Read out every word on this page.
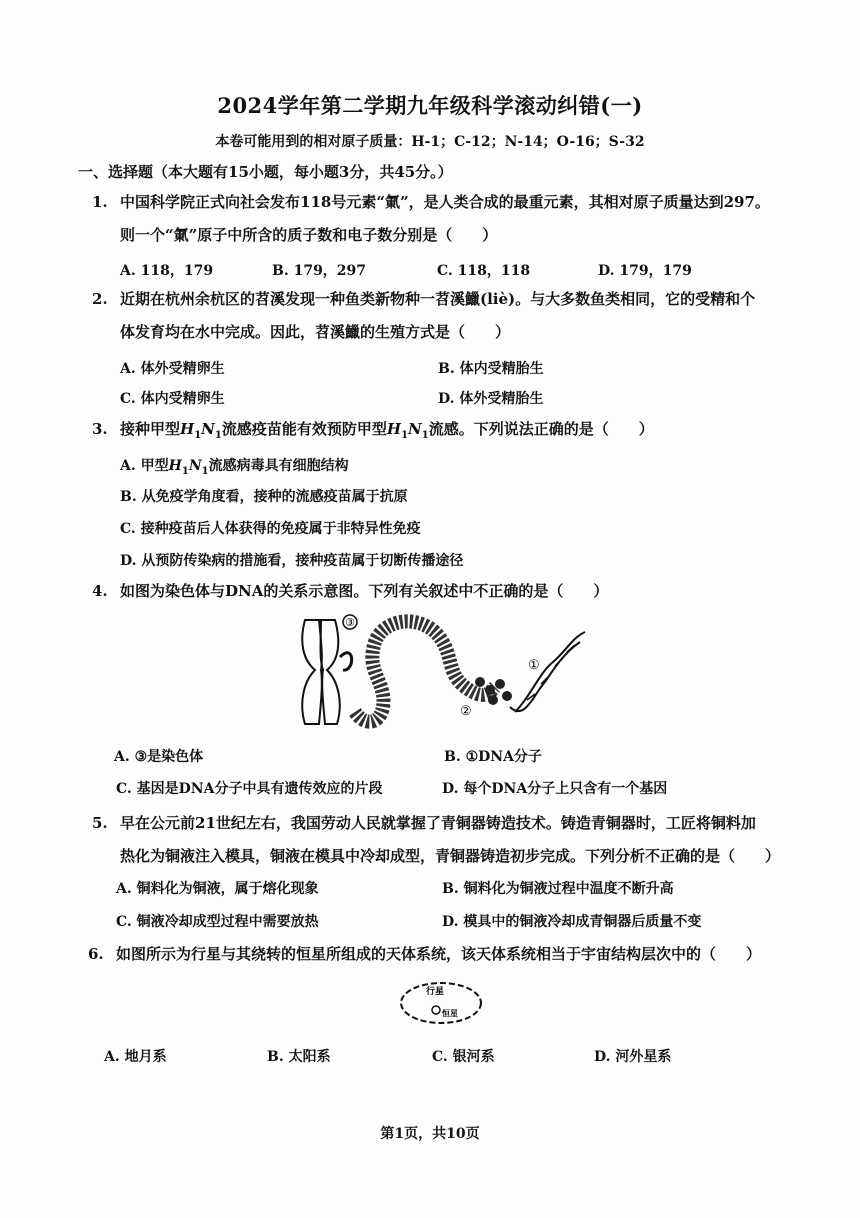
2024学年第二学期九年级科学滚动纠错(一)
本卷可能用到的相对原子质量：H-1；C-12；N-14；O-16；S-32
一、选择题（本大题有15小题，每小题3分，共45分。）
1. 中国科学院正式向社会发布118号元素“氭”，是人类合成的最重元素，其相对原子质量达到297。
则一个“氭”原子中所含的质子数和电子数分别是（　　）
A. 118，179	B. 179，297	C. 118，118	D. 179，179
2. 近期在杭州余杭区的苕溪发现一种鱼类新物种一苕溪鱲(liè)。与大多数鱼类相同，它的受精和个
体发育均在水中完成。因此，苕溪鱲的生殖方式是（　　）
A. 体外受精卵生	B. 体内受精胎生
C. 体内受精卵生	D. 体外受精胎生
3. 接种甲型$H_1N_1$流感疫苗能有效预防甲型$H_1N_1$流感。下列说法正确的是（　　）
A. 甲型$H_1N_1$流感病毒具有细胞结构
B. 从免疫学角度看，接种的流感疫苗属于抗原
C. 接种疫苗后人体获得的免疫属于非特异性免疫
D. 从预防传染病的措施看，接种疫苗属于切断传播途径
4. 如图为染色体与DNA的关系示意图。下列有关叙述中不正确的是（　　）
③
①
②
A. ③是染色体	B. ①DNA分子
C. 基因是DNA分子中具有遗传效应的片段	D. 每个DNA分子上只含有一个基因
5. 早在公元前21世纪左右，我国劳动人民就掌握了青铜器铸造技术。铸造青铜器时，工匠将铜料加
热化为铜液注入模具，铜液在模具中冷却成型，青铜器铸造初步完成。下列分析不正确的是（　　）
A. 铜料化为铜液，属于熔化现象	B. 铜料化为铜液过程中温度不断升高
C. 铜液冷却成型过程中需要放热	D. 模具中的铜液冷却成青铜器后质量不变
6. 如图所示为行星与其绕转的恒星所组成的天体系统，该天体系统相当于宇宙结构层次中的（　　）
行星
恒星
A. 地月系	B. 太阳系	C. 银河系	D. 河外星系
第1页，共10页
